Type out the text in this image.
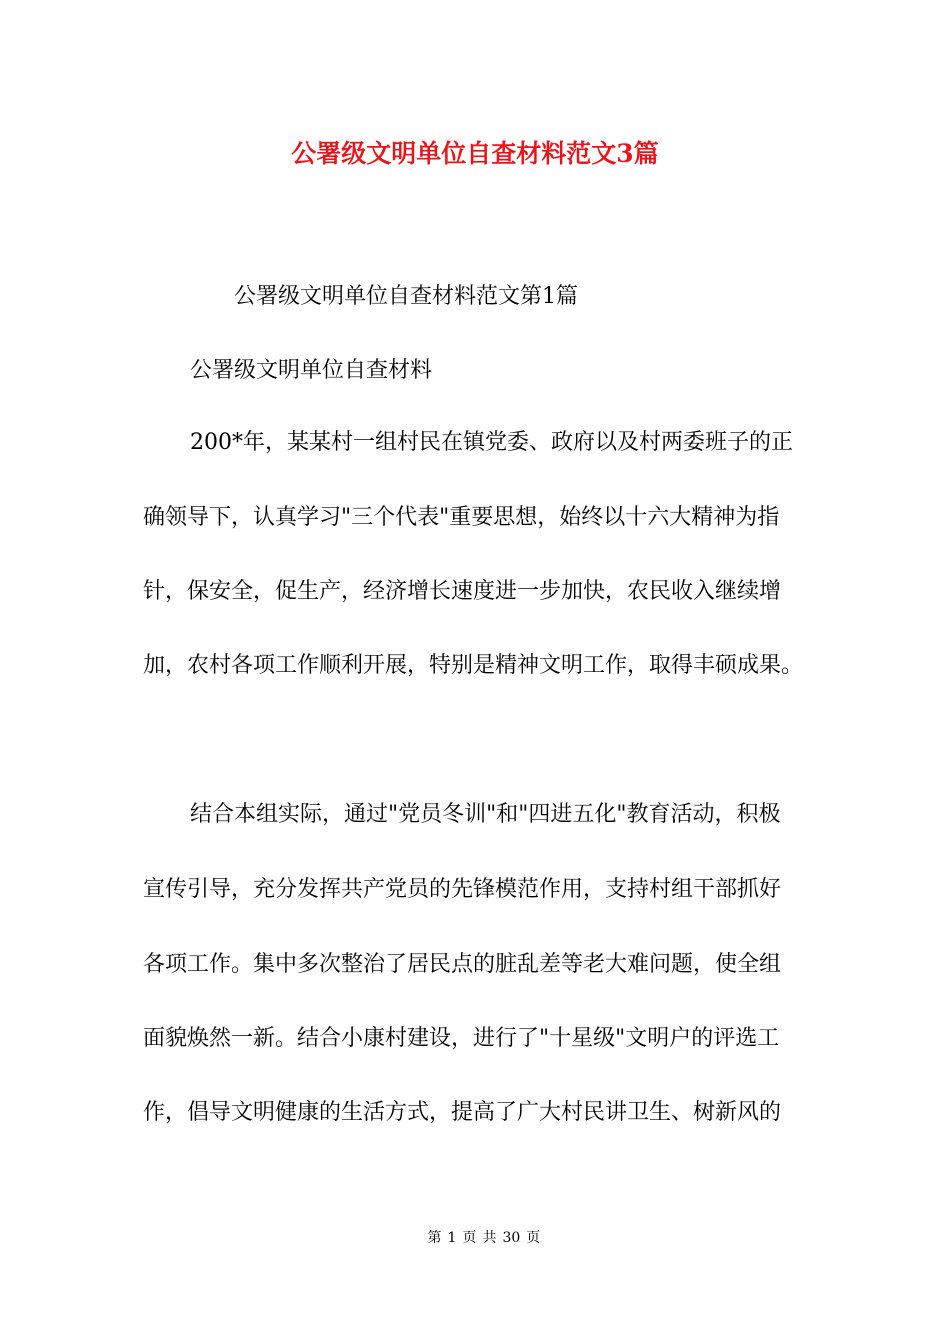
公署级文明单位自查材料范文3篇
公署级文明单位自查材料范文第1篇
公署级文明单位自查材料
200*年，某某村一组村民在镇党委、政府以及村两委班子的正
确领导下，认真学习"三个代表"重要思想，始终以十六大精神为指
针，保安全，促生产，经济增长速度进一步加快，农民收入继续增
加，农村各项工作顺利开展，特别是精神文明工作，取得丰硕成果。
结合本组实际，通过"党员冬训"和"四进五化"教育活动，积极
宣传引导，充分发挥共产党员的先锋模范作用，支持村组干部抓好
各项工作。集中多次整治了居民点的脏乱差等老大难问题，使全组
面貌焕然一新。结合小康村建设，进行了"十星级"文明户的评选工
作，倡导文明健康的生活方式，提高了广大村民讲卫生、树新风的

第 1 页 共 30 页
